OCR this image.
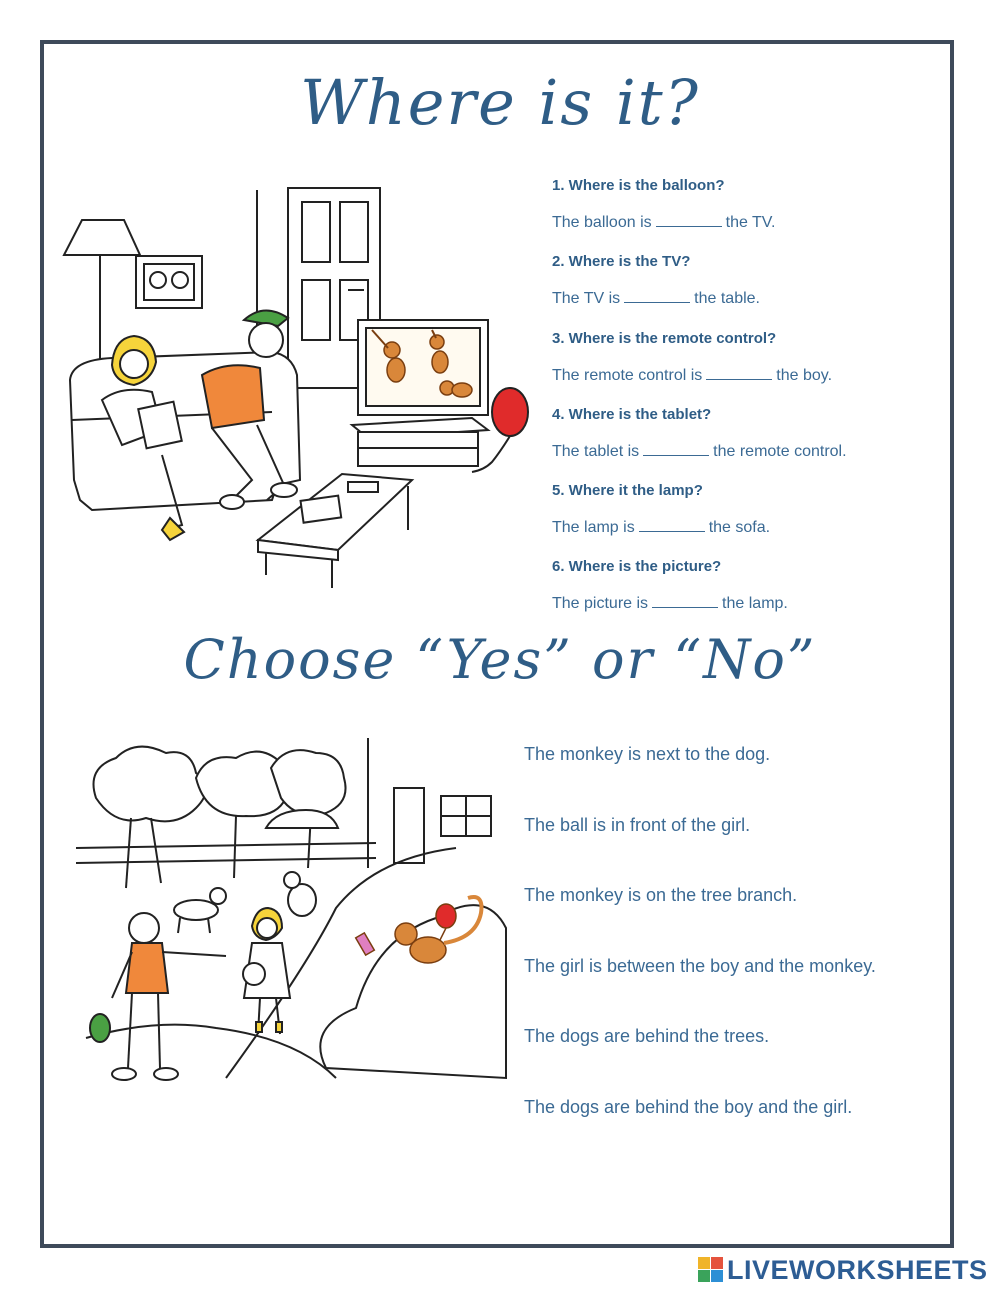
Where is it?
1. Where is the balloon?
The balloon is	the TV.
2. Where is the TV?
The TV is	the table.
3. Where is the remote control?
The remote control is	the boy.
4. Where is the tablet?
The tablet is	the remote control.
5. Where it the lamp?
The lamp is	the sofa.
6. Where is the picture?
The picture is	the lamp.
Choose “Yes” or “No”
The monkey is next to the dog.
The ball is in front of the girl.
The monkey is on the tree branch.
The girl is between the boy and the monkey.
The dogs are behind the trees.
The dogs are behind the boy and the girl.
LIVEWORKSHEETS
